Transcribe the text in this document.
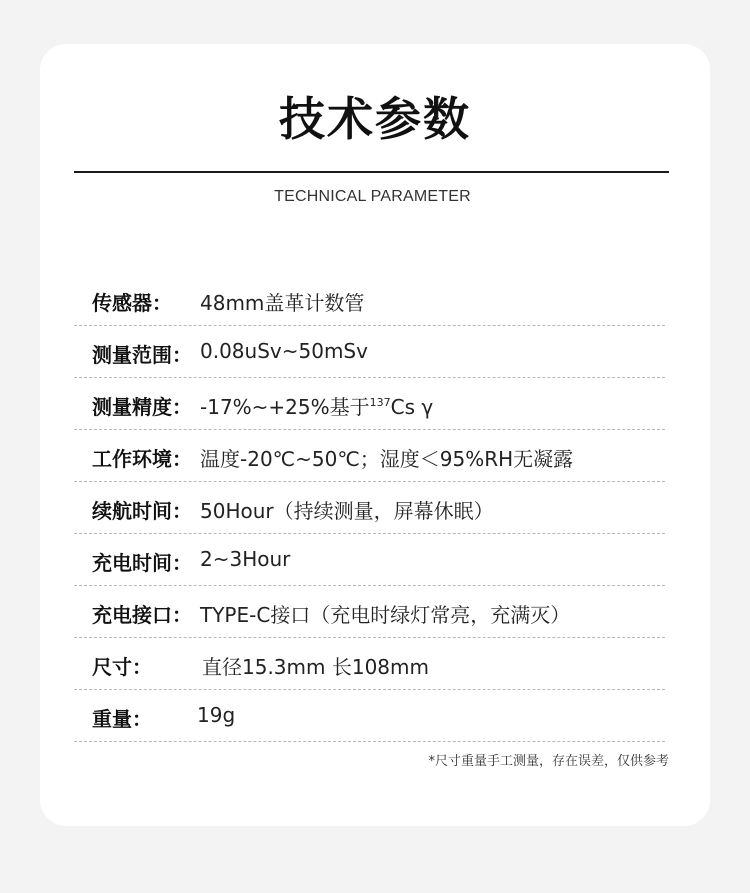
技术参数
TECHNICAL PARAMETER
传感器： 48mm盖革计数管
测量范围： 0.08uSv~50mSv
测量精度： -17%~+25%基于$^{137}$Cs γ
工作环境： 温度-20℃~50℃；湿度＜95%RH无凝露
续航时间： 50Hour（持续测量，屏幕休眠）
充电时间： 2~3Hour
充电接口： TYPE-C接口（充电时绿灯常亮，充满灭）
尺寸：	直径15.3mm 长108mm
重量： 19g
*尺寸重量手工测量，存在误差，仅供参考
